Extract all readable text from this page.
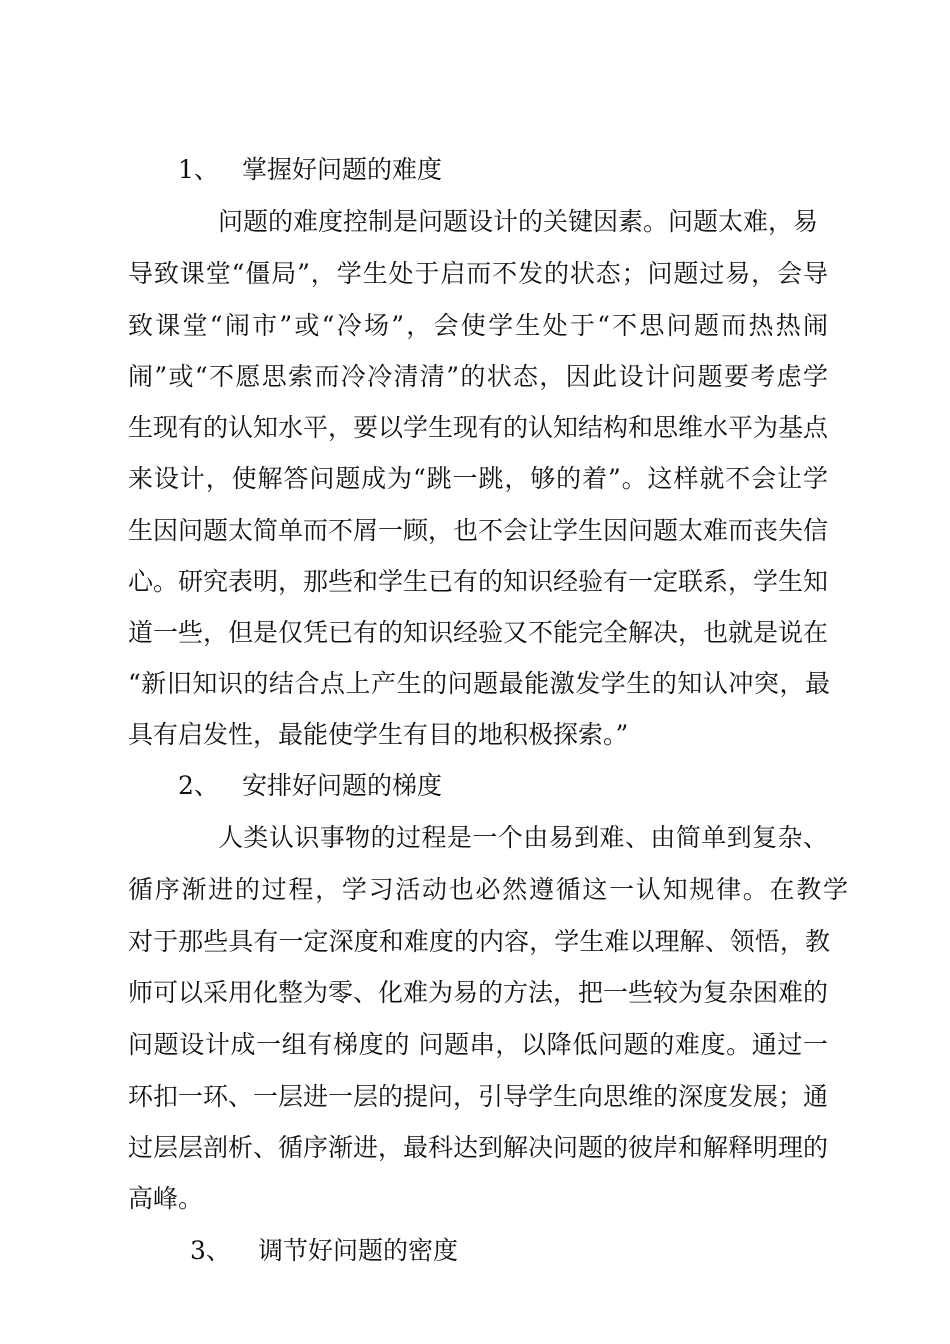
1、 掌握好问题的难度
问题的难度控制是问题设计的关键因素。问题太难，易
导致课堂“僵局”，学生处于启而不发的状态；问题过易，会导
致课堂“闹市”或“冷场”，会使学生处于“不思问题而热热闹
闹”或“不愿思索而冷冷清清”的状态，因此设计问题要考虑学
生现有的认知水平，要以学生现有的认知结构和思维水平为基点
来设计，使解答问题成为“跳一跳，够的着”。这样就不会让学
生因问题太简单而不屑一顾，也不会让学生因问题太难而丧失信
心。研究表明，那些和学生已有的知识经验有一定联系，学生知
道一些，但是仅凭已有的知识经验又不能完全解决，也就是说在
“新旧知识的结合点上产生的问题最能激发学生的知认冲突，最
具有启发性，最能使学生有目的地积极探索。”
2、 安排好问题的梯度
人类认识事物的过程是一个由易到难、由简单到复杂、
循序渐进的过程，学习活动也必然遵循这一认知规律。在教学
对于那些具有一定深度和难度的内容，学生难以理解、领悟，教
师可以采用化整为零、化难为易的方法，把一些较为复杂困难的
问题设计成一组有梯度的 问题串，以降低问题的难度。通过一
环扣一环、一层进一层的提问，引导学生向思维的深度发展；通
过层层剖析、循序渐进，最科达到解决问题的彼岸和解释明理的
高峰。
3、 调节好问题的密度
